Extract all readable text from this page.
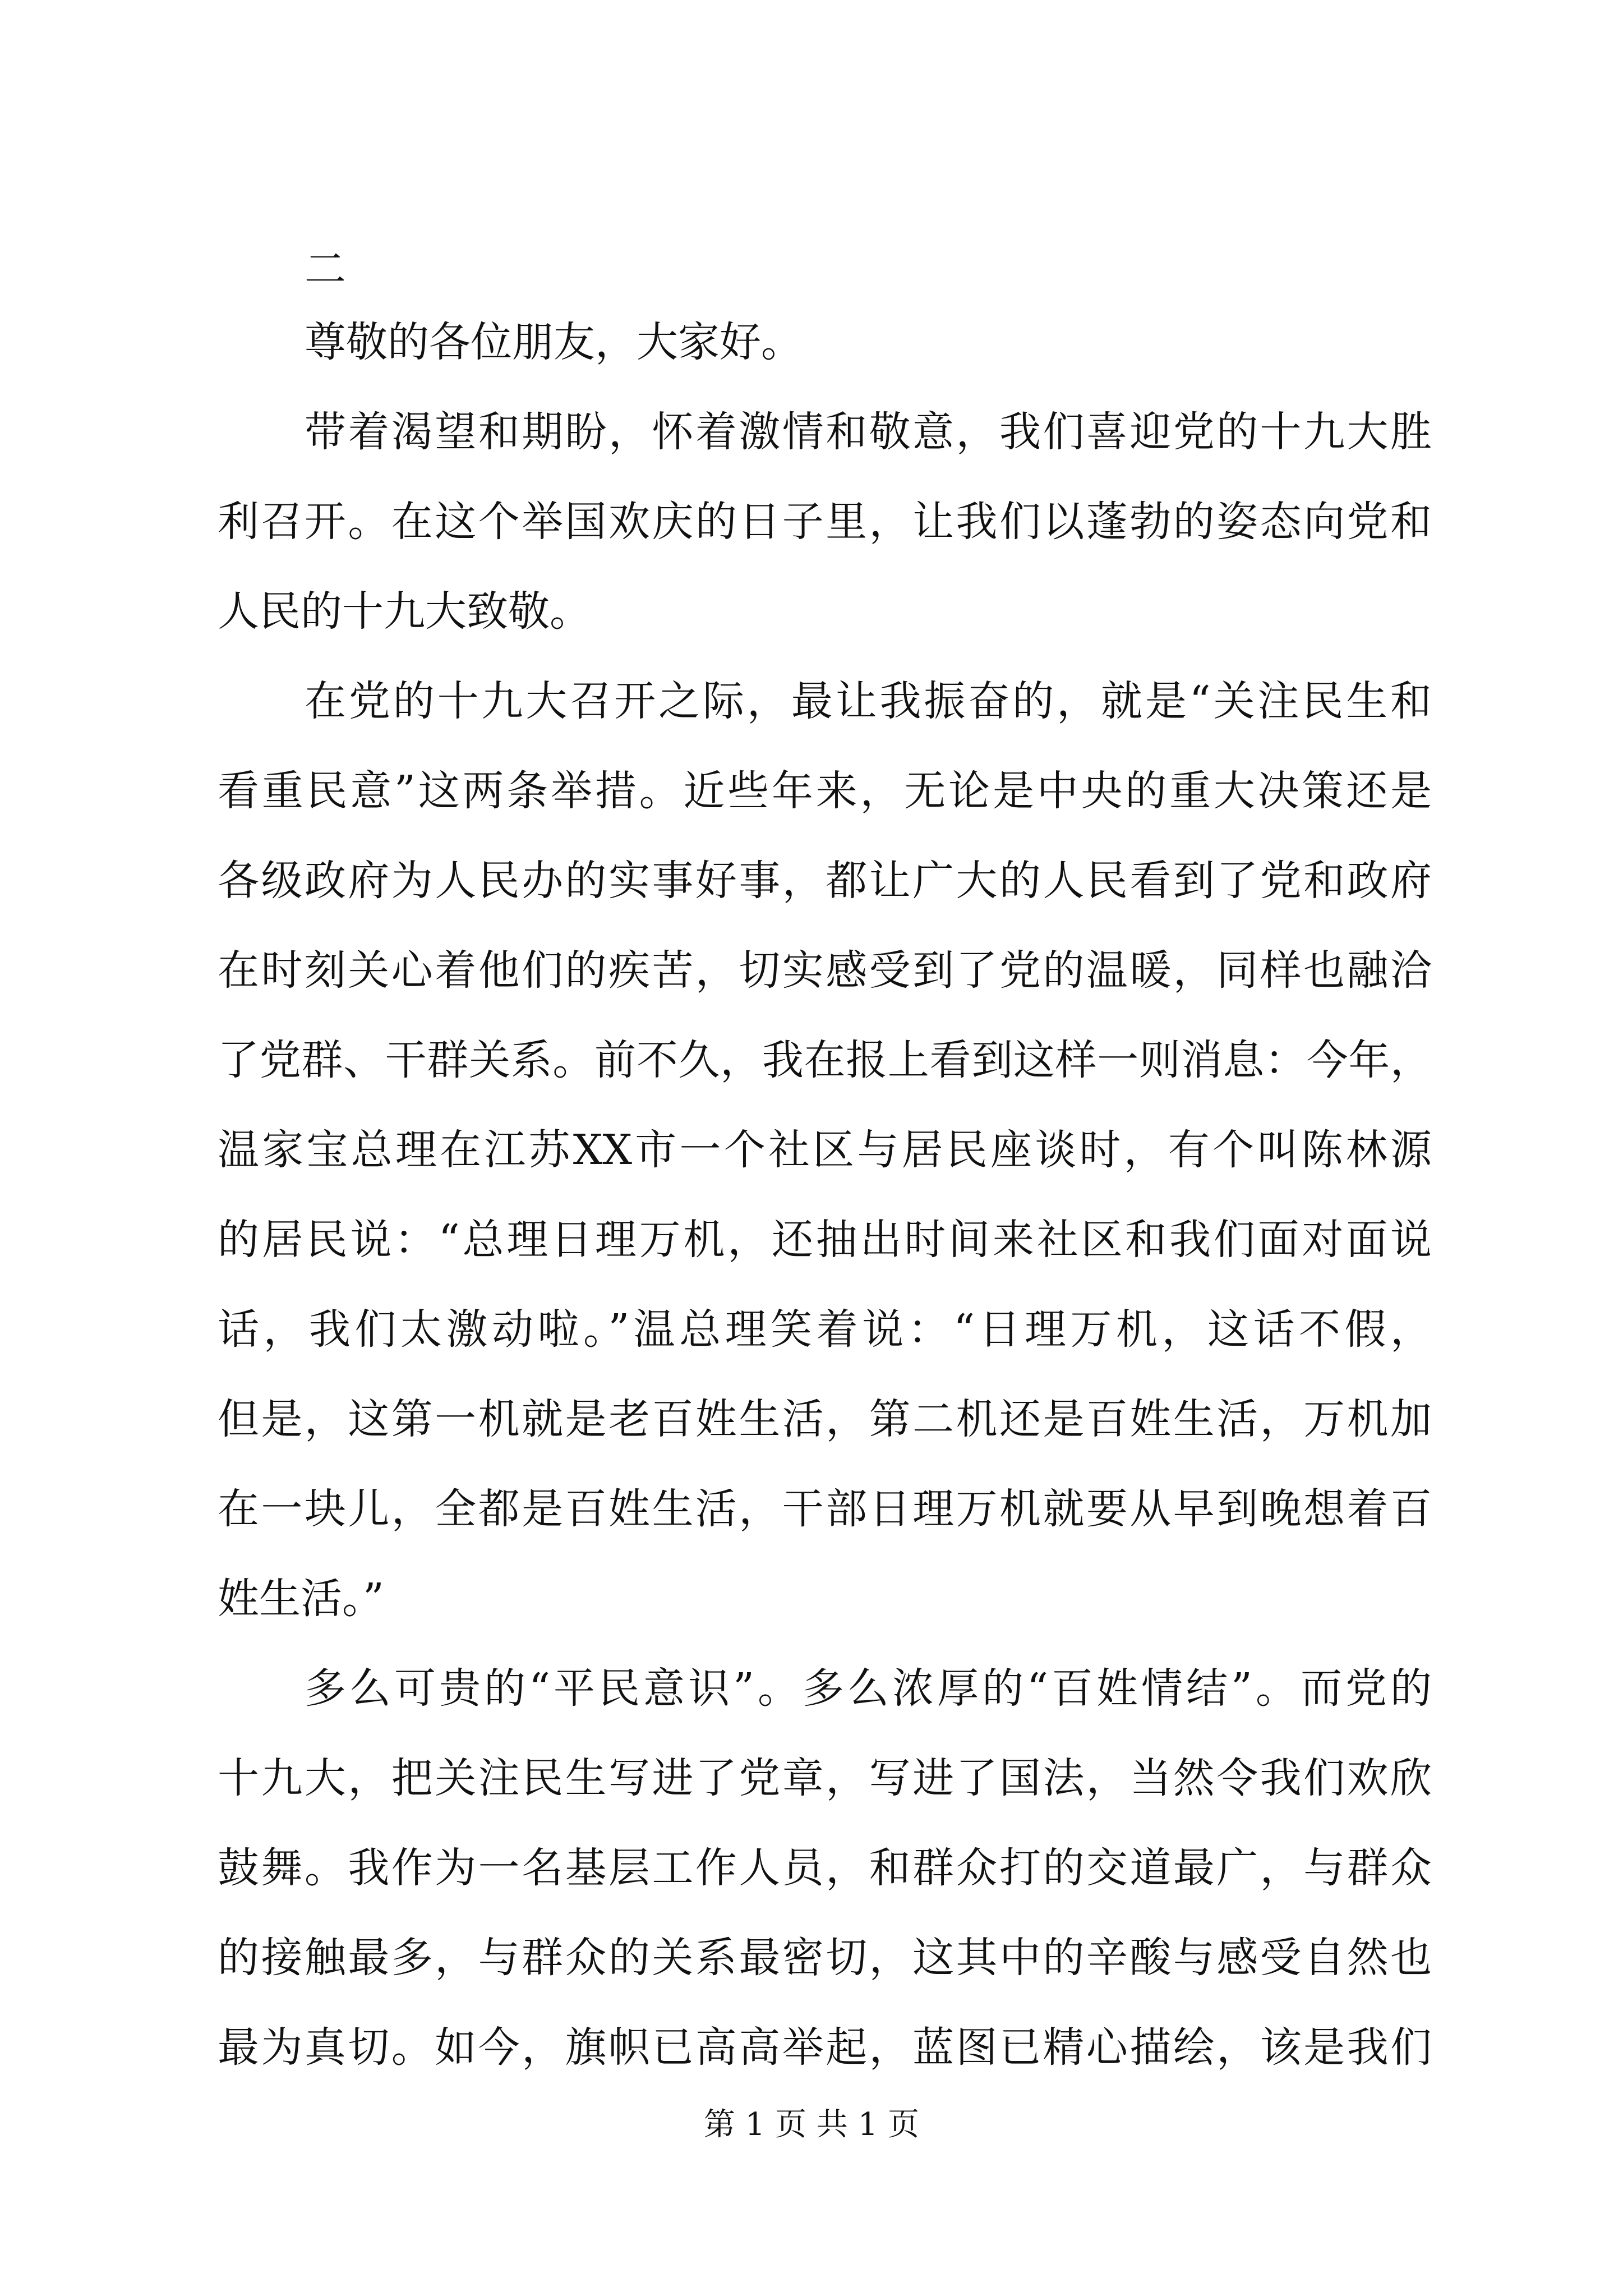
二

尊敬的各位朋友，大家好。

带着渴望和期盼，怀着激情和敬意，我们喜迎党的十九大胜

利召开。在这个举国欢庆的日子里，让我们以蓬勃的姿态向党和

人民的十九大致敬。

在党的十九大召开之际，最让我振奋的，就是“关注民生和

看重民意”这两条举措。近些年来，无论是中央的重大决策还是

各级政府为人民办的实事好事，都让广大的人民看到了党和政府

在时刻关心着他们的疾苦，切实感受到了党的温暖，同样也融洽

了党群、干群关系。前不久，我在报上看到这样一则消息：今年，

温家宝总理在江苏XX市一个社区与居民座谈时，有个叫陈林源

的居民说：“总理日理万机，还抽出时间来社区和我们面对面说

话，我们太激动啦。”温总理笑着说：“日理万机，这话不假，

但是，这第一机就是老百姓生活，第二机还是百姓生活，万机加

在一块儿，全都是百姓生活，干部日理万机就要从早到晚想着百

姓生活。”

多么可贵的“平民意识”。多么浓厚的“百姓情结”。而党的

十九大，把关注民生写进了党章，写进了国法，当然令我们欢欣

鼓舞。我作为一名基层工作人员，和群众打的交道最广，与群众

的接触最多，与群众的关系最密切，这其中的辛酸与感受自然也

最为真切。如今，旗帜已高高举起，蓝图已精心描绘，该是我们

第 1 页 共 1 页
